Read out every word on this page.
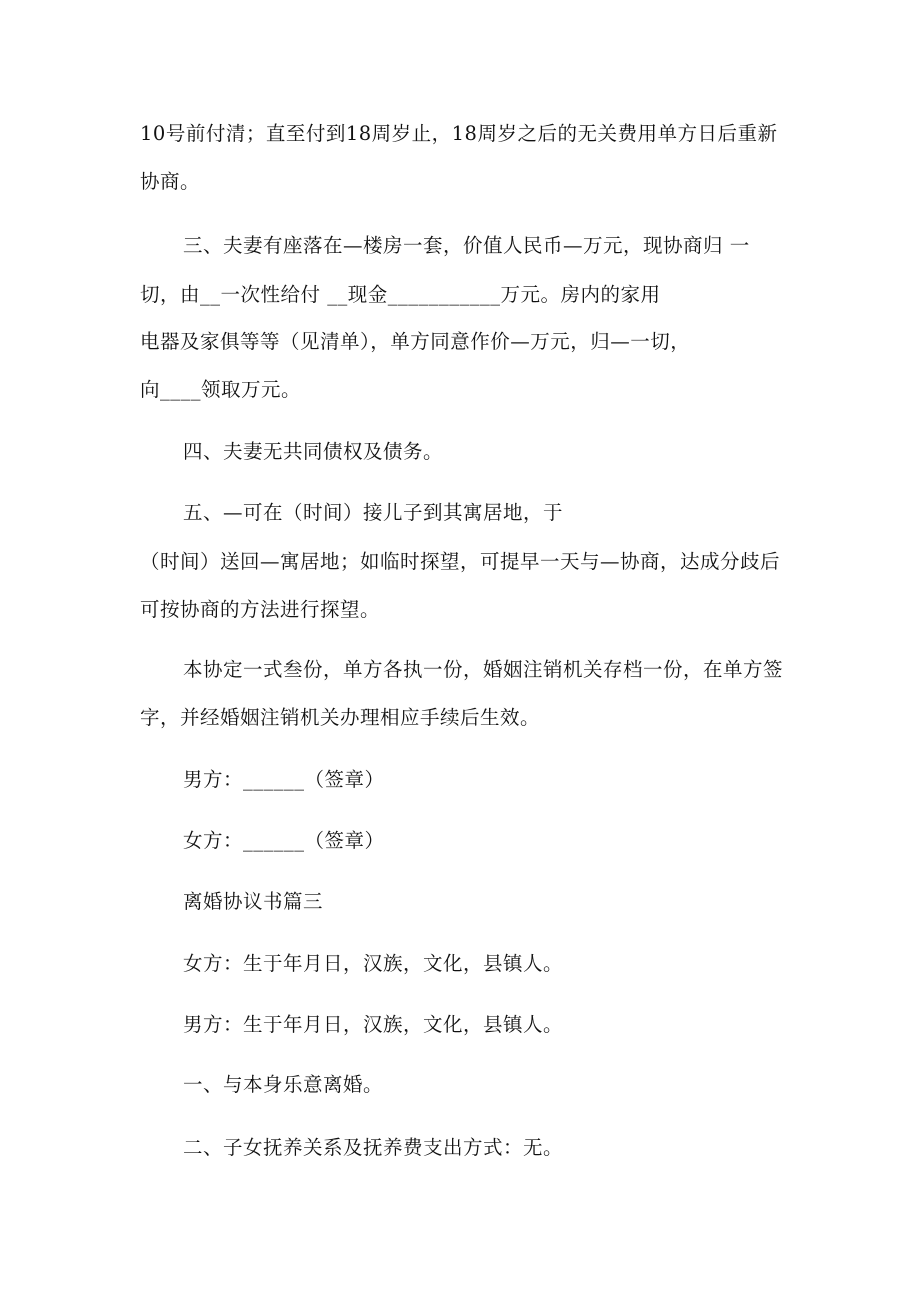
10号前付清；直至付到18周岁止，18周岁之后的无关费用单方日后重新
协商。
三、夫妻有座落在—楼房一套，价值人民币—万元，现协商归 一
切，由__一次性给付 __现金___________万元。房内的家用
电器及家俱等等（见清单），单方同意作价—万元，归—一切，
向____领取万元。
四、夫妻无共同债权及债务。
五、—可在（时间）接儿子到其寓居地，于
（时间）送回—寓居地；如临时探望，可提早一天与—协商，达成分歧后
可按协商的方法进行探望。
本协定一式叁份，单方各执一份，婚姻注销机关存档一份，在单方签
字，并经婚姻注销机关办理相应手续后生效。
男方：______（签章）
女方：______（签章）
离婚协议书篇三
女方：生于年月日，汉族，文化，县镇人。
男方：生于年月日，汉族，文化，县镇人。
一、与本身乐意离婚。
二、子女抚养关系及抚养费支出方式：无。
